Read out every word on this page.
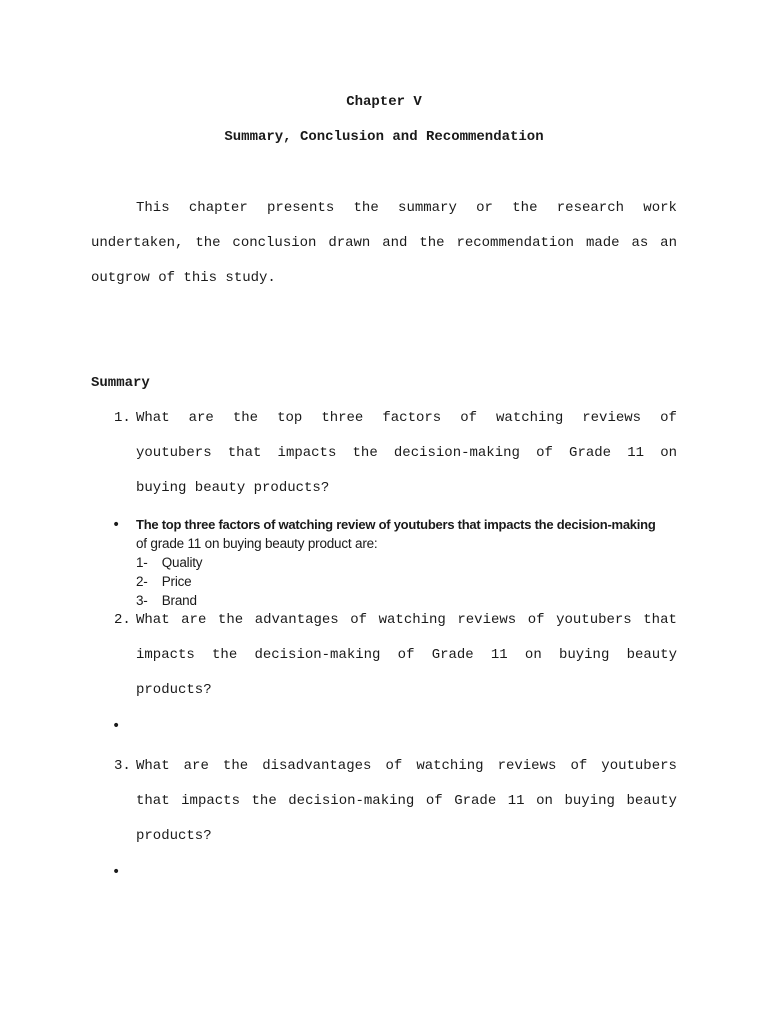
Chapter V
Summary, Conclusion and Recommendation
This chapter presents the summary or the research work
undertaken, the conclusion drawn and the recommendation made as an
outgrow of this study.
Summary
1. What are the top three factors of watching reviews of
youtubers that impacts the decision-making of Grade 11 on
buying beauty products?
• The top three factors of watching review of youtubers that impacts the decision-making
of grade 11 on buying beauty product are:
1- Quality
2- Price
3- Brand
2. What are the advantages of watching reviews of youtubers that
impacts the decision-making of Grade 11 on buying beauty
products?
•
3. What are the disadvantages of watching reviews of youtubers
that impacts the decision-making of Grade 11 on buying beauty
products?
•
